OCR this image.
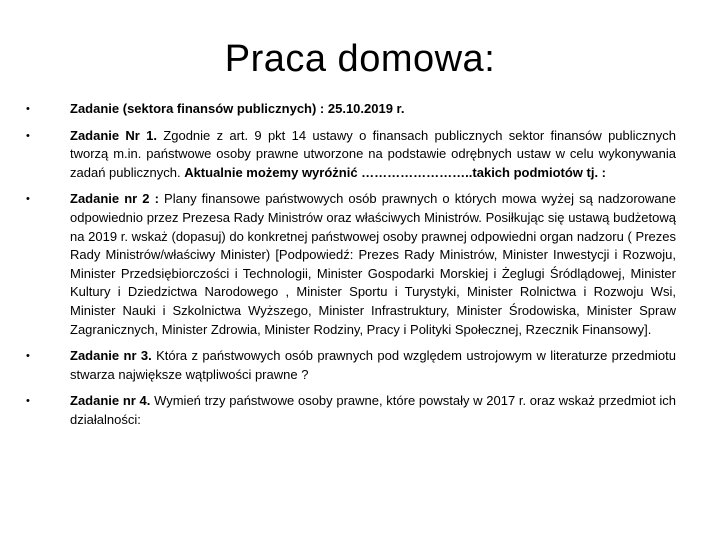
Praca domowa:
•	Zadanie (sektora finansów publicznych) : 25.10.2019 r.
•	Zadanie Nr 1. Zgodnie z art. 9 pkt 14 ustawy o finansach publicznych sektor finansów publicznych tworzą m.in. państwowe osoby prawne utworzone na podstawie odrębnych ustaw w celu wykonywania zadań publicznych. Aktualnie możemy wyróżnić ……………………..takich podmiotów tj. :
•	Zadanie nr 2 : Plany finansowe państwowych osób prawnych o których mowa wyżej są nadzorowane odpowiednio przez Prezesa Rady Ministrów oraz właściwych Ministrów. Posiłkując się ustawą budżetową na 2019 r. wskaż (dopasuj) do konkretnej państwowej osoby prawnej odpowiedni organ nadzoru ( Prezes Rady Ministrów/właściwy Minister) [Podpowiedź: Prezes Rady Ministrów, Minister Inwestycji i Rozwoju, Minister Przedsiębiorczości i Technologii, Minister Gospodarki Morskiej i Żeglugi Śródlądowej, Minister Kultury i Dziedzictwa Narodowego , Minister Sportu i Turystyki, Minister Rolnictwa i Rozwoju Wsi, Minister Nauki i Szkolnictwa Wyższego, Minister Infrastruktury, Minister Środowiska, Minister Spraw Zagranicznych, Minister Zdrowia, Minister Rodziny, Pracy i Polityki Społecznej, Rzecznik Finansowy].
•	Zadanie nr 3. Która z państwowych osób prawnych pod względem ustrojowym w literaturze przedmiotu stwarza największe wątpliwości prawne ?
•	Zadanie nr 4. Wymień trzy państwowe osoby prawne, które powstały w 2017 r. oraz wskaż przedmiot ich działalności:
